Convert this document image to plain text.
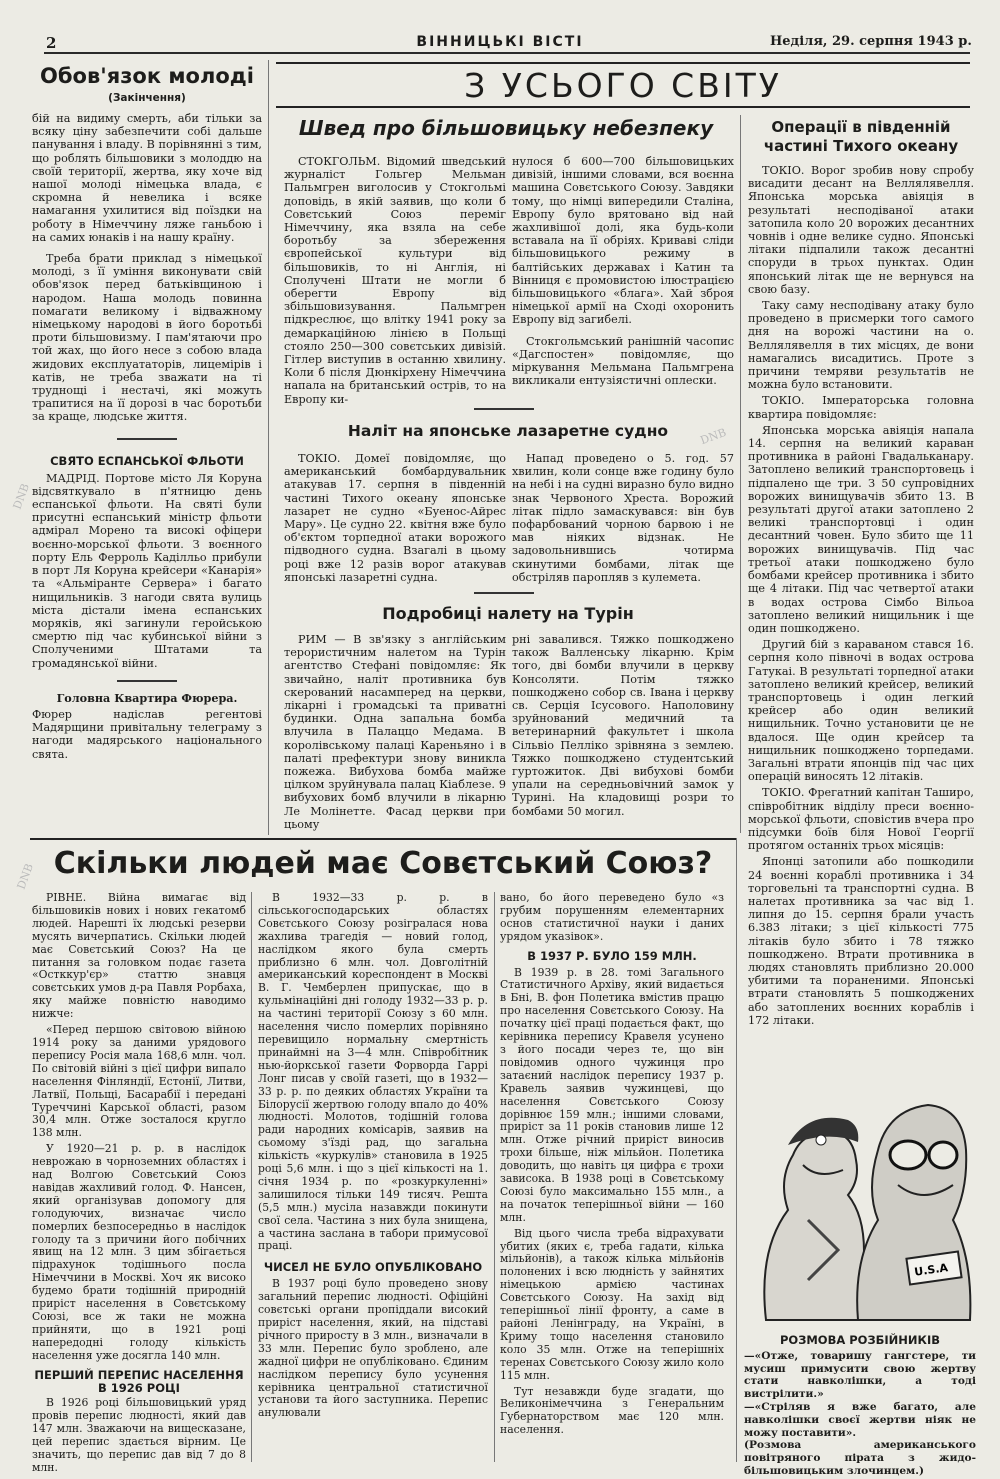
2	ВІННИЦЬКІ ВІСТІ	Неділя, 29. серпня 1943 р.
Обов'язок молоді
(Закінчення)

бій на видиму смерть, аби тільки за всяку ціну забезпечити собі дальше панування і владу. В порівнянні з тим, що роблять більшовики з молоддю на своїй території, жертва, яку хоче від нашої молоді німецька влада, є скромна й невелика і всяке намагання ухилитися від поїздки на роботу в Німеччину ляже ганьбою і на самих юнаків і на нашу країну.

Треба брати приклад з німецької молоді, з її уміння виконувати свій обов'язок перед батьківщиною і народом. Наша молодь повинна помагати великому і відважному німецькому народові в його боротьбі проти більшовизму. І пам'ятаючи про той жах, що його несе з собою влада жидових експлуататорів, лицемірів і катів, не треба зважати на ті труднощі і нестачі, які можуть трапитися на її дорозі в час боротьби за краще, людське життя.

СВЯТО ЕСПАНСЬКОЇ ФЛЬОТИ

МАДРІД. Портове місто Ля Коруна відсвяткувало в п'ятницю день еспанської фльоти. На святі були присутні еспанський міністр фльоти адмірал Морено та високі офіцери воєнно-морської фльоти. З воєнного порту Ель Ферроль Каділльо прибули в порт Ля Коруна крейсери «Канарія» та «Альміранте Сервера» і багато нищильників. З нагоди свята вулиць міста дістали імена еспанських моряків, які загинули геройською смертю під час кубинської війни з Сполученими Штатами та громадянської війни.

Головна Квартира Фюрера.

Фюрер надіслав регентові Мадярщини привітальну телеграму з нагоди мадярського національного свята.

З УСЬОГО СВІТУ
Швед про більшовицьку небезпеку

СТОКГОЛЬМ. Відомий шведський журналіст Гольгер Мельман Пальмгрен виголосив у Стокгольмі доповідь, в якій заявив, що коли б Совєтський Союз переміг Німеччину, яка взяла на себе боротьбу за збереження європейської культури від більшовиків, то ні Англія, ні Сполучені Штати не могли б оберегти Европу від збільшовизування. Пальмгрен підкреслює, що влітку 1941 року за демаркаційною лінією в Польщі стояло 250—300 совєтських дивізій. Гітлер виступив в останню хвилину. Коли б після Дюнкірхену Німеччина напала на британський острів, то на Европу ки-

нулося б 600—700 більшовицьких дивізій, іншими словами, вся воєнна машина Совєтського Союзу. Завдяки тому, що німці випередили Сталіна, Европу було врятовано від най жахливішої долі, яка будь-коли вставала на її обріях. Криваві сліди більшовицького режиму в балтійських державах і Катин та Вінниця є промовистою ілюстрацією більшовицького «блага». Хай зброя німецької армії на Сході охоронить Европу від загибелі.

Стокгольмський ранішній часопис «Дагспостен» повідомляє, що міркування Мельмана Пальмгрена викликали ентузіястичні оплески.

Наліт на японське лазаретне судно

ТОКІО. Домеї повідомляє, що американський бомбардувальник атакував 17. серпня в південній частині Тихого океану японське лазарет не судно «Буенос-Айрес Мару». Це судно 22. квітня вже було об'єктом торпедної атаки ворожого підводного судна. Взагалі в цьому році вже 12 разів ворог атакував японські лазаретні судна.

Напад проведено о 5. год. 57 хвилин, коли сонце вже годину було на небі і на судні виразно було видно знак Червоного Хреста. Ворожий літак підло замаскувався: він був пофарбований чорною барвою і не мав ніяких відзнак. Не задовольнившись чотирма скинутими бомбами, літак ще обстріляв паропляв з кулемета.

Подробиці налету на Турін

РИМ — В зв'язку з англійським терористичним налетом на Турін агентство Стефані повідомляє: Як звичайно, наліт противника був скерований насамперед на церкви, лікарні і громадські та приватні будинки. Одна запальна бомба влучила в Палаццо Медама. В королівському палаці Кареньяно і в палаті префектури знову виникла пожежа. Вибухова бомба майже цілком зруйнувала палац Кіаблезе. 9 вибухових бомб влучили в лікарню Ле Молінетте. Фасад церкви при цьому

рні завалився. Тяжко пошкоджено також Валленську лікарню. Крім того, дві бомби влучили в церкву Консоляти. Потім тяжко пошкоджено собор св. Івана і церкву св. Серція Ісусового. Наполовину зруйнований медичний та ветеринарний факультет і школа Сільвіо Пелліко зрівняна з землею. Тяжко пошкоджено студентський гуртожиток. Дві вибухові бомби упали на середньовічний замок у Турині. На кладовищі розри то бомбами 50 могил.

Операції в південній частині Тихого океану

ТОКІО. Ворог зробив нову спробу висадити десант на Веллялявелля. Японська морська авіяція в результаті несподіваної атаки затопила коло 20 ворожих десантних човнів і одне велике судно. Японські літаки підпалили також десантні споруди в трьох пунктах. Один японський літак ще не вернувся на свою базу.

Таку саму несподівану атаку було проведено в присмерки того самого дня на ворожі частини на о. Веллялявелля в тих місцях, де вони намагались висадитись. Проте з причини темряви результатів не можна було встановити.

ТОКІО. Імператорська головна квартира повідомляє:

Японська морська авіяція напала 14. серпня на великий караван противника в районі Гвадальканару. Затоплено великий транспортовець і підпалено ще три. З 50 супровідних ворожих винищувачів збито 13. В результаті другої атаки затоплено 2 великі транспортовці і один десантний човен. Було збито ще 11 ворожих винищувачів. Під час третьої атаки пошкоджено було бомбами крейсер противника і збито ще 4 літаки. Під час четвертої атаки в водах острова Сімбо Вільоа затоплено великий нищильник і ще один пошкоджено.

Другий бій з караваном стався 16. серпня коло півночі в водах острова Гатукаі. В результаті торпедної атаки затоплено великий крейсер, великий транспортовець і один легкий крейсер або один великий нищильник. Точно установити це не вдалося. Ще один крейсер та нищильник пошкоджено торпедами. Загальні втрати японців під час цих операцій виносять 12 літаків.

ТОКІО. Фрегатний капітан Таширо, співробітник відділу преси воєнно-морської фльоти, сповістив вчера про підсумки боїв біля Нової Георгії протягом останніх трьох місяців:

Японці затопили або пошкодили 24 воєнні кораблі противника і 34 торговельні та транспортні судна. В налетах противника за час від 1. липня до 15. серпня брали участь 6.383 літаки; з цієї кількості 775 літаків було збито і 78 тяжко пошкоджено. Втрати противника в людях становлять приблизно 20.000 убитими та пораненими. Японські втрати становлять 5 пошкоджених або затоплених воєнних кораблів і 172 літаки.

Скільки людей має Совєтський Союз?

РІВНЕ. Війна вимагає від більшовиків нових і нових гекатомб людей. Нарешті їх людські резерви мусять вичерпатись. Скільки людей має Совєтський Союз? На це питання за головком подає газета «Остккур'єр» статтю знавця совєтських умов д-ра Павля Рорбаха, яку майже повністю наводимо нижче:

«Перед першою світовою війною 1914 року за даними урядового перепису Росія мала 168,6 млн. чол. По світовій війні з цієї цифри випало населення Фінляндії, Естонії, Литви, Латвії, Польщі, Басарабії і передані Туреччині Карської області, разом 30,4 млн. Отже зосталося кругло 138 млн.

У 1920—21 р. р. в наслідок неврожаю в чорноземних областях і над Волгою Совєтський Союз навідав жахливий голод. Ф. Нансен, який організував допомогу для голодуючих, визначає число померлих безпосередньо в наслідок голоду та з причини його побічних явищ на 12 млн. З цим збігається підрахунок тодішнього посла Німеччини в Москві. Хоч як високо будемо брати тодішній природній приріст населення в Совєтському Союзі, все ж таки не можна прийняти, що в 1921 році напередодні голоду кількість населення уже досягла 140 млн.

ПЕРШИЙ ПЕРЕПИС НАСЕЛЕННЯ В 1926 РОЦІ

В 1926 році більшовицький уряд провів перепис людності, який дав 147 млн. Зважаючи на вищесказане, цей перепис здається вірним. Це значить, що перепис дав від 7 до 8 млн.

В 1932—33 р. р. в сільськогосподарських областях Совєтського Союзу розігралася нова жахлива трагедія — новий голод, наслідком якого була смерть приблизно 6 млн. чол. Довголітній американський кореспондент в Москві В. Г. Чемберлен припускає, що в кульмінаційні дні голоду 1932—33 р. р. на частині території Союзу з 60 млн. населення число померлих порівняно перевищило нормальну смертність принаймні на 3—4 млн. Співробітник нью-йоркської газети Форворда Гаррі Лонг писав у своїй газеті, що в 1932—33 р. р. по деяких областях України та Білорусії жертвою голоду впало до 40% людності. Молотов, тодішній голова ради народних комісарів, заявив на сьомому з'їзді рад, що загальна кількість «куркулів» становила в 1925 році 5,6 млн. і що з цієї кількості на 1. січня 1934 р. по «розкуркуленні» залишилося тільки 149 тисяч. Решта (5,5 млн.) мусіла назавжди покинути свої села. Частина з них була знищена, а частина заслана в табори примусової праці.

ЧИСЕЛ НЕ БУЛО ОПУБЛІКОВАНО

В 1937 році було проведено знову загальний перепис людності. Офіційні совєтські органи пропіддали високий приріст населення, який, на підставі річного приросту в 3 млн., визначали в 33 млн. Перепис було зроблено, але жадної цифри не опубліковано. Єдиним наслідком перепису було усунення керівника центральної статистичної установи та його заступника. Перепис анулювали

вано, бо його переведено було «з грубим порушенням елементарних основ статистичної науки і даних урядом указівок».

В 1937 Р. БУЛО 159 МЛН.

В 1939 р. в 28. томі Загального Статистичного Архіву, який видається в Бні, В. фон Полетика вмістив працю про населення Совєтського Союзу. На початку цієї праці подається факт, що керівника перепису Кравеля усунено з його посади через те, що він повідомив одного чужинця про затаєний наслідок перепису 1937 р. Кравель заявив чужинцеві, що населення Совєтського Союзу дорівнює 159 млн.; іншими словами, приріст за 11 років становив лише 12 млн. Отже річний приріст виносив трохи більше, ніж мільйон. Полетика доводить, що навіть ця цифра є трохи зависока. В 1938 році в Совєтському Союзі було максимально 155 млн., а на початок теперішньої війни — 160 млн.

Від цього числа треба відрахувати убитих (яких є, треба гадати, кілька мільйонів), а також кілька мільйонів полонених і всю людність у зайнятих німецькою армією частинах Совєтського Союзу. На захід від теперішньої лінії фронту, а саме в районі Ленінграду, на Україні, в Криму тощо населення становило коло 35 млн. Отже на теперішніх терeнах Совєтського Союзу жило коло 115 млн.

Тут незавжди буде згадати, що Великонімеччина з Генеральним Губернаторством має 120 млн. населення.

U.S.A
РОЗМОВА РОЗБІЙНИКІВ
—«Отже, товаришу гангстере, ти мусиш примусити свою жертву стати навколішки, а тоді вистрілити.»
—«Стріляв я вже багато, але навколішки своєї жертви ніяк не можу поставити».
(Розмова американського повітряного пірата з жидо-більшовицьким злочинцем.)
DNB
DNB
DNB
